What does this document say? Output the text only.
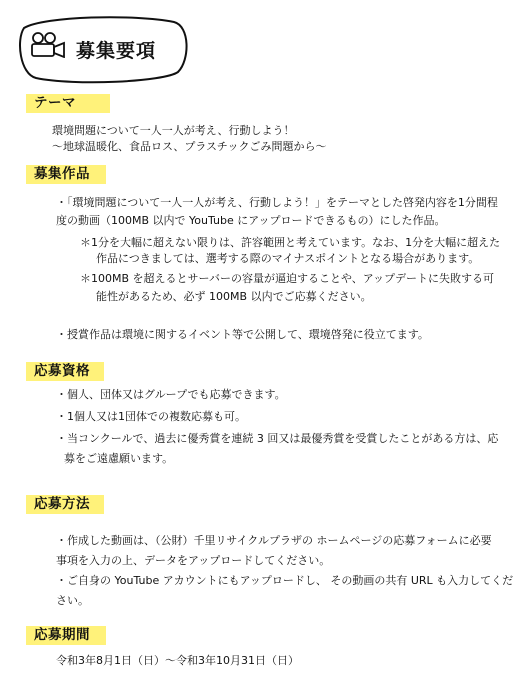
募集要項
テーマ
環境問題について一人一人が考え、行動しよう！
～地球温暖化、食品ロス、プラスチックごみ問題から～
募集作品
・「環境問題について一人一人が考え、行動しよう！」をテーマとした啓発内容を1分間程
度の動画（100MB 以内で YouTube にアップロードできるもの）にした作品。
＊1分を大幅に超えない限りは、許容範囲と考えています。なお、1分を大幅に超えた
作品につきましては、選考する際のマイナスポイントとなる場合があります。
＊100MB を超えるとサーバーの容量が逼迫することや、アップデートに失敗する可
能性があるため、必ず 100MB 以内でご応募ください。
・授賞作品は環境に関するイベント等で公開して、環境啓発に役立てます。
応募資格
・個人、団体又はグループでも応募できます。
・1個人又は1団体での複数応募も可。
・当コンクールで、過去に優秀賞を連続 3 回又は最優秀賞を受賞したことがある方は、応
募をご遠慮願います。
応募方法
・作成した動画は、（公財）千里リサイクルプラザの ホームページの応募フォームに必要
事項を入力の上、データをアップロードしてください。
・ご自身の YouTube アカウントにもアップロードし、 その動画の共有 URL も入力してくだ
さい。
応募期間
令和3年8月1日（日）～令和3年10月31日（日）
